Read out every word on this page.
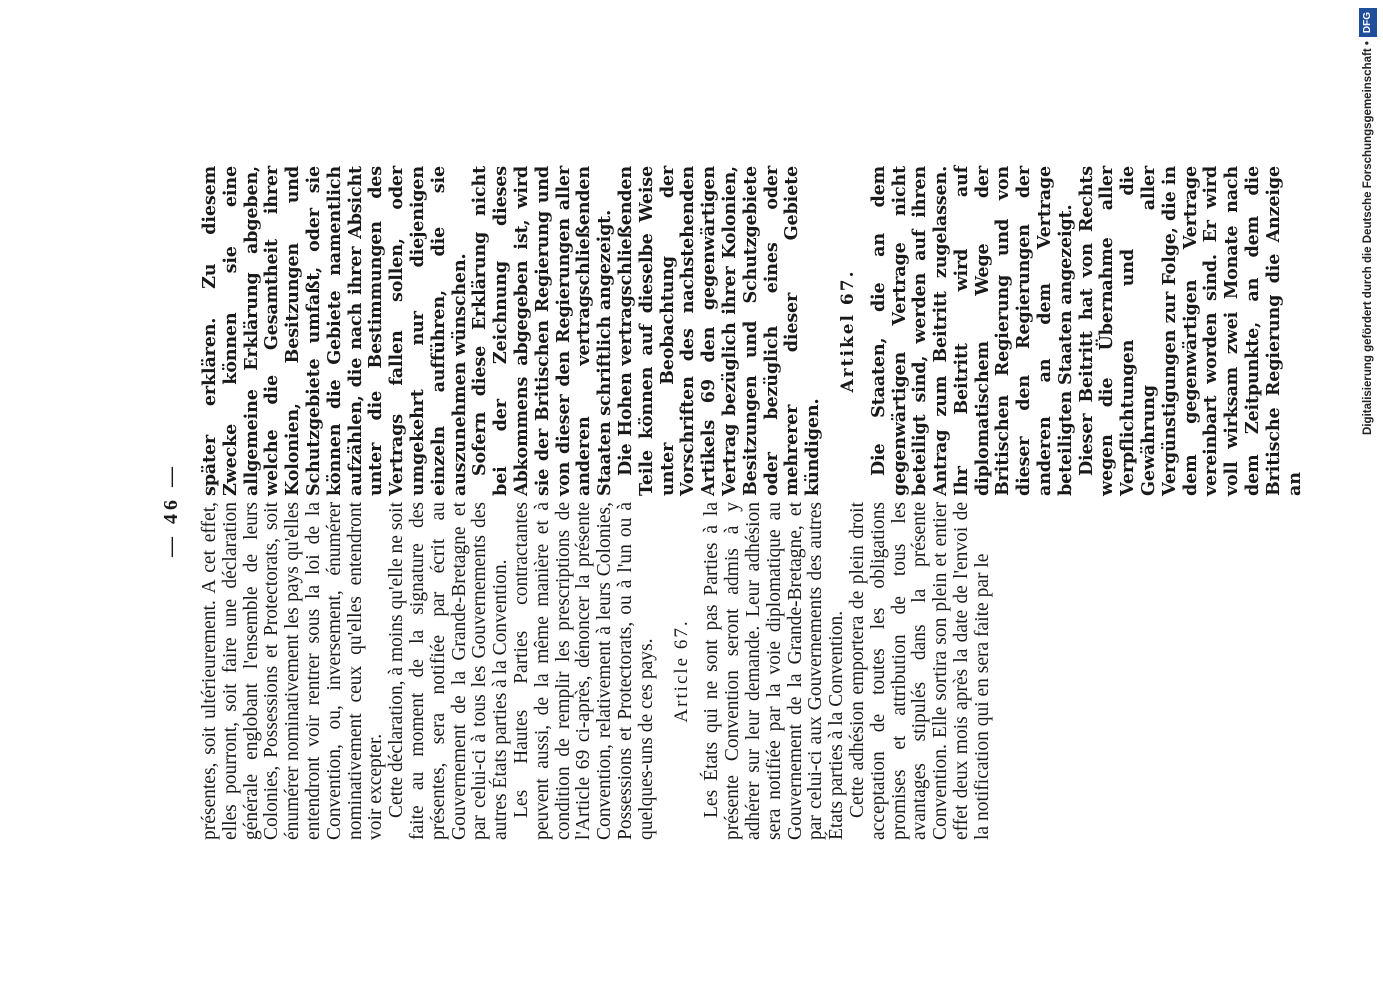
— 46 —

présentes, soit ultérieurement. A cet effet, elles pourront, soit faire une déclaration générale englobant l'ensemble de leurs Colonies, Possessions et Protectorats, soit énumérer nominativement les pays qu'elles entendront voir rentrer sous la loi de la Convention, ou, inversement, énumérer nominativement ceux qu'elles entendront voir excepter. Cette déclaration, à moins qu'elle ne soit faite au moment de la signature des présentes, sera notifiée par écrit au Gouvernement de la Grande-Bretagne et par celui-ci à tous les Gouvernements des autres États parties à la Convention. Les Hautes Parties contractantes peuvent aussi, de la même manière et à condition de remplir les prescriptions de l'Article 69 ci-après, dénoncer la présente Convention, relativement à leurs Colonies, Possessions et Protectorats, ou à l'un ou à quelques-uns de ces pays. Article 67. Les États qui ne sont pas Parties à la présente Convention seront admis à y adhérer sur leur demande. Leur adhésion sera notifiée par la voie diplomatique au Gouvernement de la Grande-Bretagne, et par celui-ci aux Gouvernements des autres États parties à la Convention. Cette adhésion emportera de plein droit acceptation de toutes les obligations promises et attribution de tous les avantages stipulés dans la présente Convention. Elle sortira son plein et entier effet deux mois après la date de l'envoi de la notification qui en sera faite par le

später erklären. Zu diesem Zwecke können sie eine allgemeine Erklärung abgeben, welche die Gesamtheit ihrer Kolonien, Besitzungen und Schutzgebiete umfaßt, oder sie können die Gebiete namentlich aufzählen, die nach ihrer Absicht unter die Bestimmungen des Vertrags fallen sollen, oder umgekehrt nur diejenigen einzeln aufführen, die sie auszunehmen wünschen. Sofern diese Erklärung nicht bei der Zeichnung dieses Abkommens abgegeben ist, wird sie der Britischen Regierung und von dieser den Regierungen aller anderen vertragschließenden Staaten schriftlich angezeigt. Die Hohen vertragschließenden Teile können auf dieselbe Weise unter Beobachtung der Vorschriften des nachstehenden Artikels 69 den gegenwärtigen Vertrag bezüglich ihrer Kolonien, Besitzungen und Schutzgebiete oder bezüglich eines oder mehrerer dieser Gebiete kündigen.

Artikel 67. Die Staaten, die an dem gegenwärtigen Vertrage nicht beteiligt sind, werden auf ihren Antrag zum Beitritt zugelassen. Ihr Beitritt wird auf diplomatischem Wege der Britischen Regierung und von dieser den Regierungen der anderen an dem Vertrage beteiligten Staaten angezeigt. Dieser Beitritt hat von Rechts wegen die Übernahme aller Verpflichtungen und die Gewährung aller Vergünstigungen zur Folge, die in dem gegenwärtigen Vertrage vereinbart worden sind. Er wird voll wirksam zwei Monate nach dem Zeitpunkte, an dem die Britische Regierung die Anzeige an

Digitalisierung gefördert durch die Deutsche Forschungsgemeinschaft •
DFG
